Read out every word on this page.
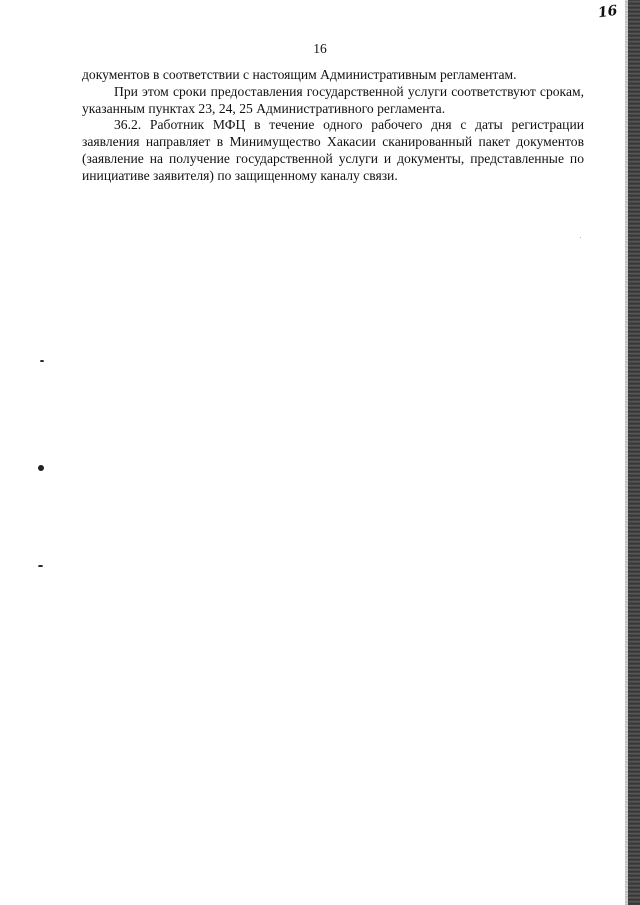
16
16

документов в соответствии с настоящим Административным регламентам.

При этом сроки предоставления государственной услуги соответствуют срокам, указанным пунктах 23, 24, 25 Административного регламента.

36.2. Работник МФЦ в течение одного рабочего дня с даты регистрации заявления направляет в Минимущество Хакасии сканированный пакет документов (заявление на получение государственной услуги и документы, представленные по инициативе заявителя) по защищенному каналу связи.
